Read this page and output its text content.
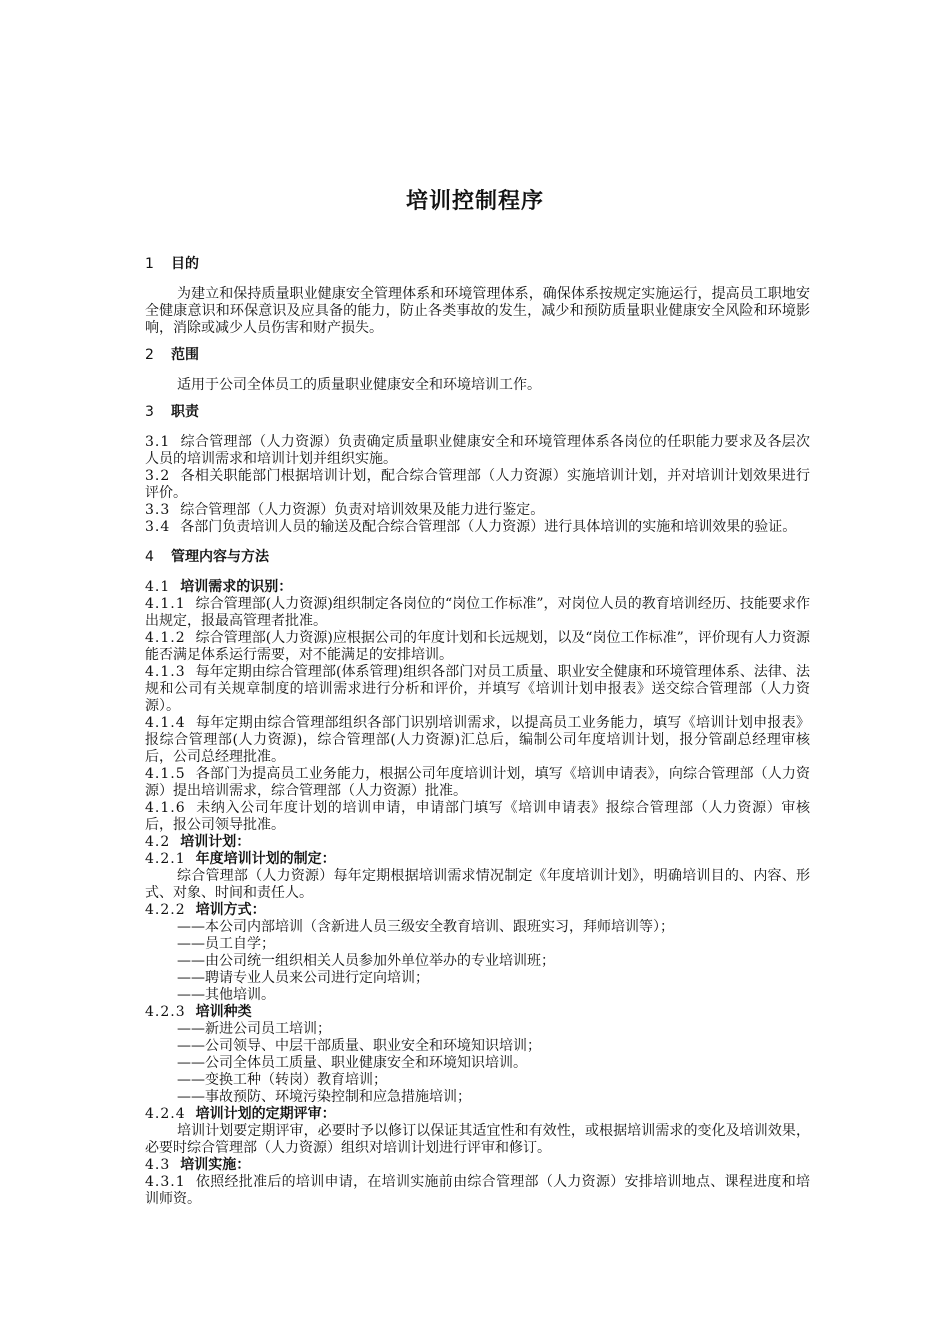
培训控制程序

1 目的

为建立和保持质量职业健康安全管理体系和环境管理体系，确保体系按规定实施运行，提高员工职地安全健康意识和环保意识及应具备的能力，防止各类事故的发生，减少和预防质量职业健康安全风险和环境影响，消除或减少人员伤害和财产损失。

2 范围

适用于公司全体员工的质量职业健康安全和环境培训工作。

3 职责

3.1 综合管理部（人力资源）负责确定质量职业健康安全和环境管理体系各岗位的任职能力要求及各层次人员的培训需求和培训计划并组织实施。

3.2 各相关职能部门根据培训计划，配合综合管理部（人力资源）实施培训计划，并对培训计划效果进行评价。

3.3 综合管理部（人力资源）负责对培训效果及能力进行鉴定。

3.4 各部门负责培训人员的输送及配合综合管理部（人力资源）进行具体培训的实施和培训效果的验证。

4 管理内容与方法

4.1 培训需求的识别：

4.1.1 综合管理部(人力资源)组织制定各岗位的“岗位工作标准”，对岗位人员的教育培训经历、技能要求作出规定，报最高管理者批准。

4.1.2 综合管理部(人力资源)应根据公司的年度计划和长远规划，以及“岗位工作标准”，评价现有人力资源能否满足体系运行需要，对不能满足的安排培训。

4.1.3 每年定期由综合管理部(体系管理)组织各部门对员工质量、职业安全健康和环境管理体系、法律、法规和公司有关规章制度的培训需求进行分析和评价，并填写《培训计划申报表》送交综合管理部（人力资源）。

4.1.4 每年定期由综合管理部组织各部门识别培训需求，以提高员工业务能力，填写《培训计划申报表》报综合管理部(人力资源)，综合管理部(人力资源)汇总后，编制公司年度培训计划，报分管副总经理审核后，公司总经理批准。

4.1.5 各部门为提高员工业务能力，根据公司年度培训计划，填写《培训申请表》，向综合管理部（人力资源）提出培训需求，综合管理部（人力资源）批准。

4.1.6 未纳入公司年度计划的培训申请，申请部门填写《培训申请表》报综合管理部（人力资源）审核后，报公司领导批准。

4.2 培训计划：

4.2.1 年度培训计划的制定：

综合管理部（人力资源）每年定期根据培训需求情况制定《年度培训计划》，明确培训目的、内容、形式、对象、时间和责任人。

4.2.2 培训方式：

——本公司内部培训（含新进人员三级安全教育培训、跟班实习，拜师培训等）；

——员工自学；

——由公司统一组织相关人员参加外单位举办的专业培训班；

——聘请专业人员来公司进行定向培训；

——其他培训。

4.2.3 培训种类

——新进公司员工培训；

——公司领导、中层干部质量、职业安全和环境知识培训；

——公司全体员工质量、职业健康安全和环境知识培训。

——变换工种（转岗）教育培训；

——事故预防、环境污染控制和应急措施培训；

4.2.4 培训计划的定期评审：

培训计划要定期评审，必要时予以修订以保证其适宜性和有效性，或根据培训需求的变化及培训效果，必要时综合管理部（人力资源）组织对培训计划进行评审和修订。

4.3 培训实施：

4.3.1 依照经批准后的培训申请，在培训实施前由综合管理部（人力资源）安排培训地点、课程进度和培训师资。
